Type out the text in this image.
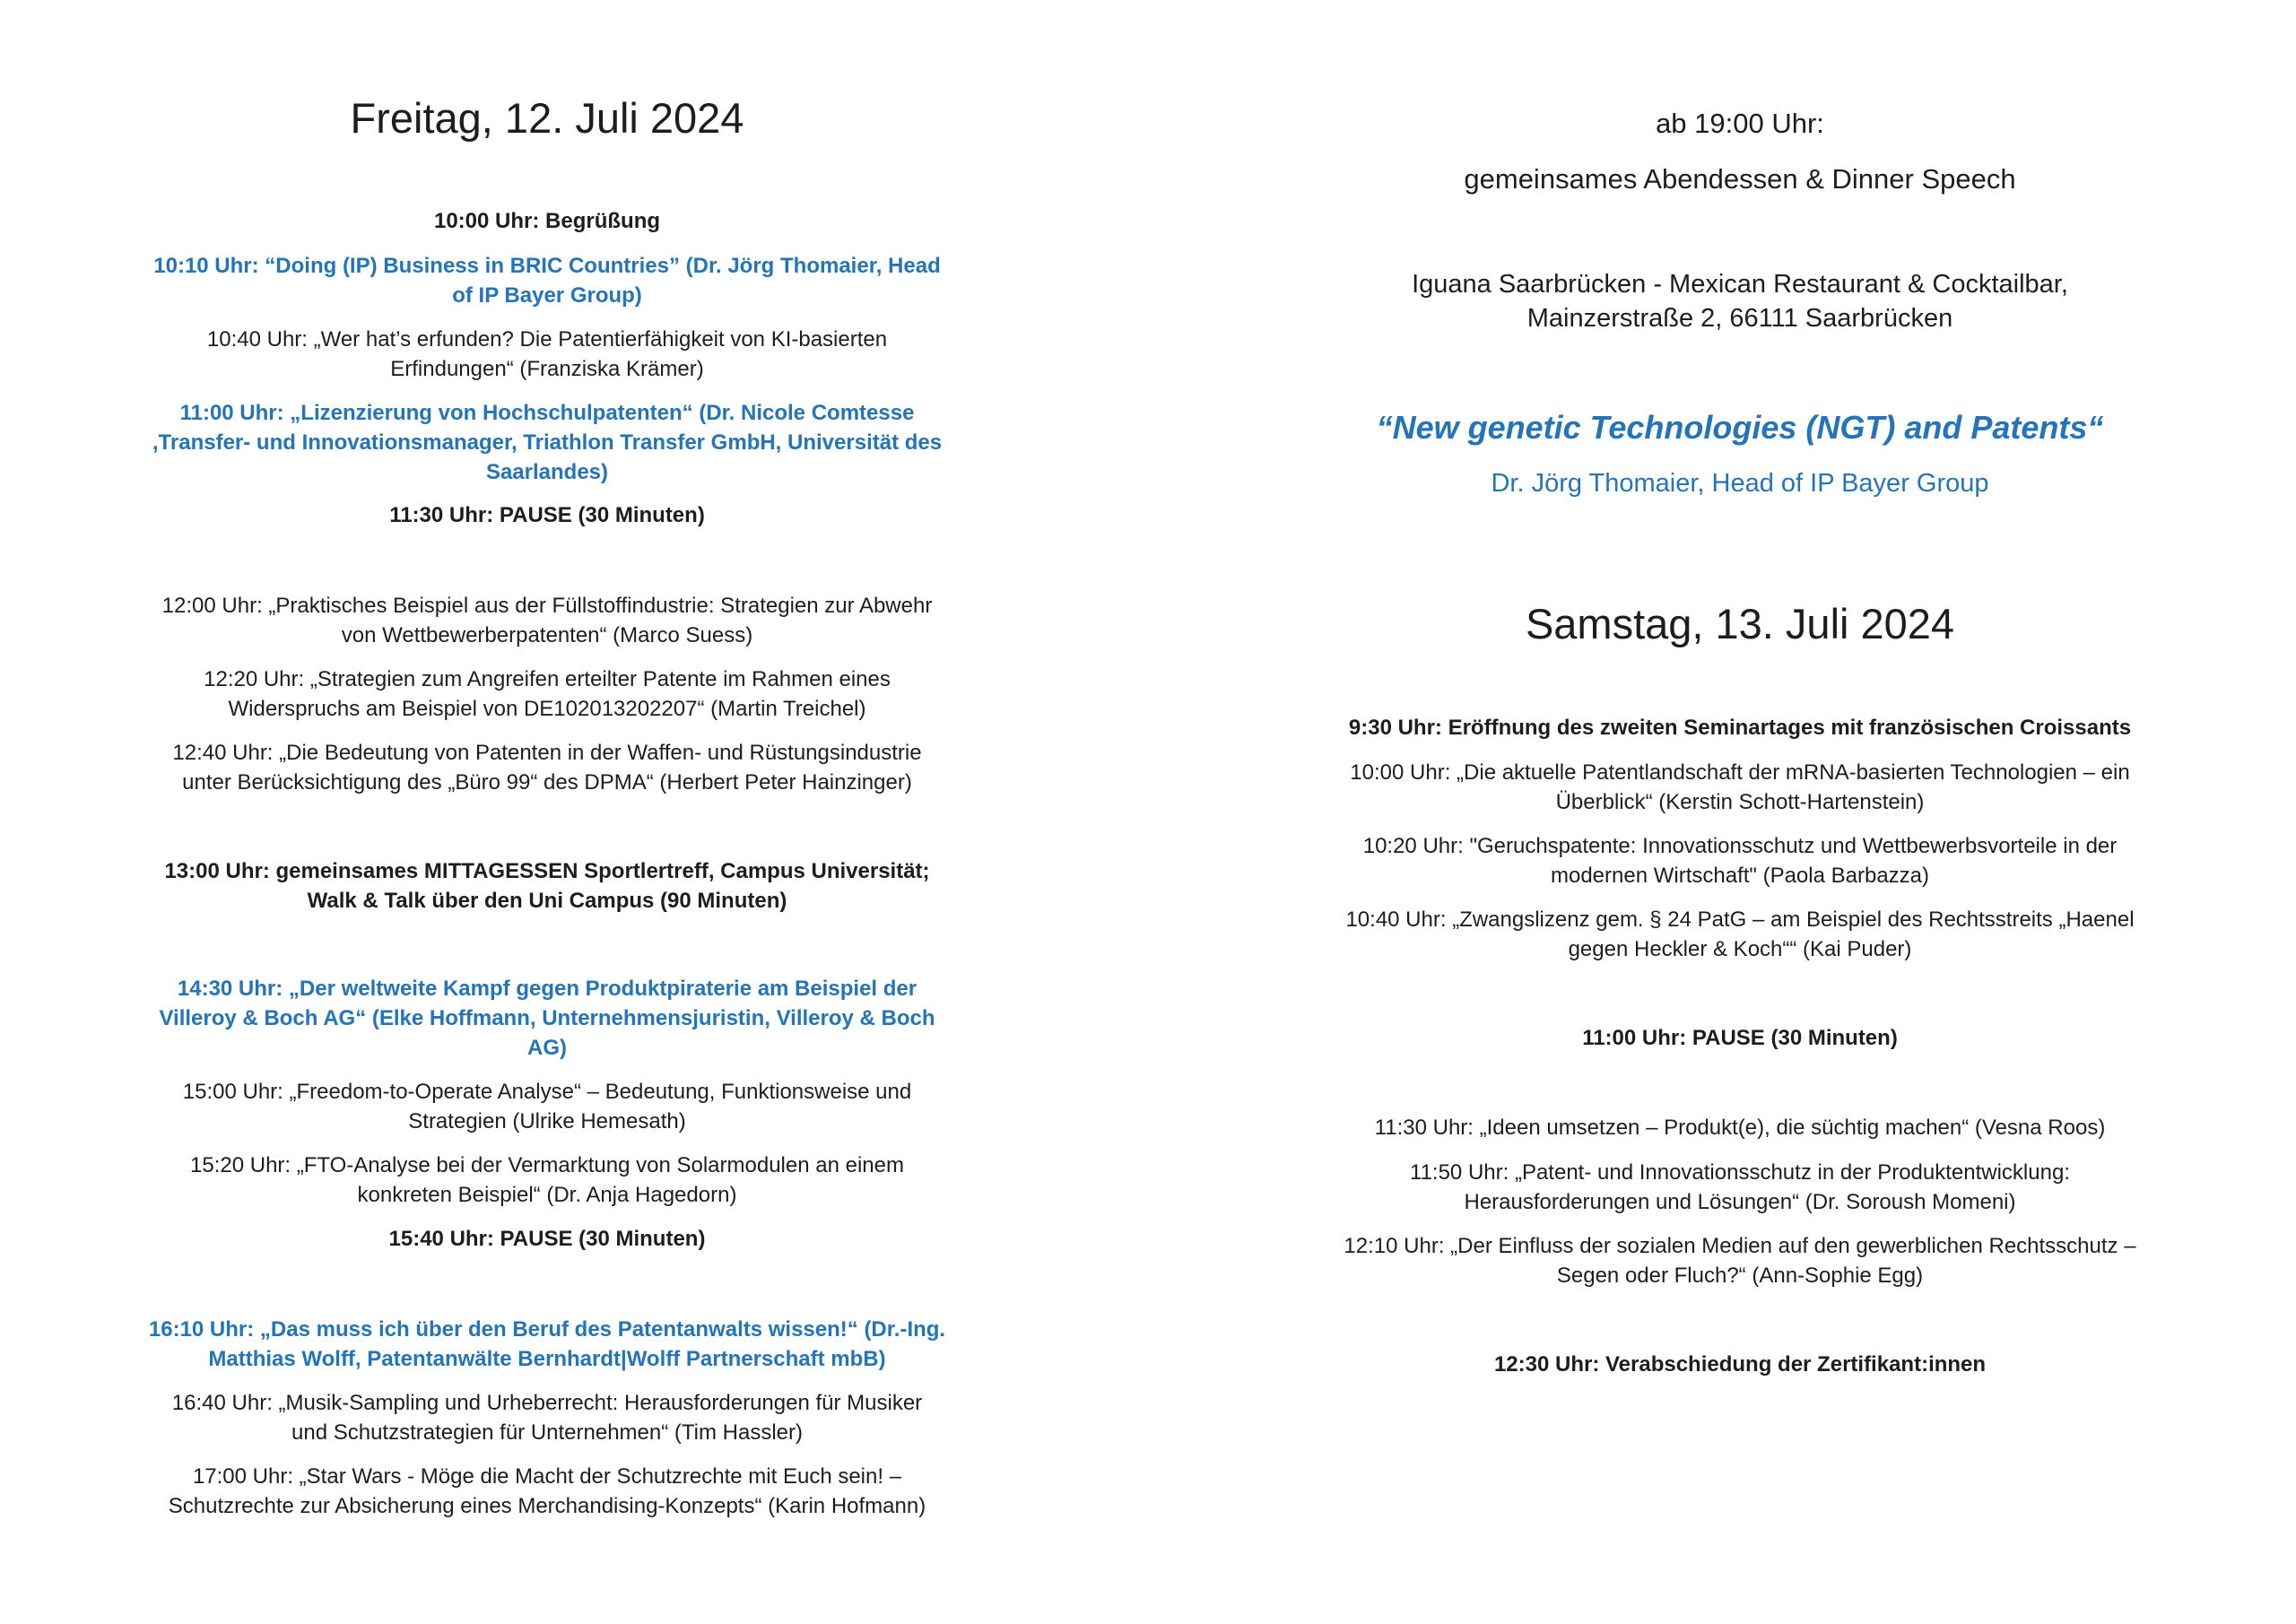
Freitag, 12. Juli 2024
10:00 Uhr: Begrüßung
10:10 Uhr: “Doing (IP) Business in BRIC Countries” (Dr. Jörg Thomaier, Head
of IP Bayer Group)
10:40 Uhr: „Wer hat’s erfunden? Die Patentierfähigkeit von KI-basierten
Erfindungen“ (Franziska Krämer)
11:00 Uhr: „Lizenzierung von Hochschulpatenten“ (Dr. Nicole Comtesse
,Transfer- und Innovationsmanager, Triathlon Transfer GmbH, Universität des
Saarlandes)
11:30 Uhr: PAUSE (30 Minuten)
12:00 Uhr: „Praktisches Beispiel aus der Füllstoffindustrie: Strategien zur Abwehr
von Wettbewerberpatenten“ (Marco Suess)
12:20 Uhr: „Strategien zum Angreifen erteilter Patente im Rahmen eines
Widerspruchs am Beispiel von DE102013202207“ (Martin Treichel)
12:40 Uhr: „Die Bedeutung von Patenten in der Waffen- und Rüstungsindustrie
unter Berücksichtigung des „Büro 99“ des DPMA“ (Herbert Peter Hainzinger)
13:00 Uhr: gemeinsames MITTAGESSEN Sportlertreff, Campus Universität;
Walk & Talk über den Uni Campus (90 Minuten)
14:30 Uhr: „Der weltweite Kampf gegen Produktpiraterie am Beispiel der
Villeroy & Boch AG“ (Elke Hoffmann, Unternehmensjuristin, Villeroy & Boch
AG)
15:00 Uhr: „Freedom-to-Operate Analyse“ – Bedeutung, Funktionsweise und
Strategien (Ulrike Hemesath)
15:20 Uhr: „FTO-Analyse bei der Vermarktung von Solarmodulen an einem
konkreten Beispiel“ (Dr. Anja Hagedorn)
15:40 Uhr: PAUSE (30 Minuten)
16:10 Uhr: „Das muss ich über den Beruf des Patentanwalts wissen!“ (Dr.-Ing.
Matthias Wolff, Patentanwälte Bernhardt|Wolff Partnerschaft mbB)
16:40 Uhr: „Musik-Sampling und Urheberrecht: Herausforderungen für Musiker
und Schutzstrategien für Unternehmen“ (Tim Hassler)
17:00 Uhr: „Star Wars - Möge die Macht der Schutzrechte mit Euch sein! –
Schutzrechte zur Absicherung eines Merchandising-Konzepts“ (Karin Hofmann)
ab 19:00 Uhr:
gemeinsames Abendessen & Dinner Speech
Iguana Saarbrücken - Mexican Restaurant & Cocktailbar,
Mainzerstraße 2, 66111 Saarbrücken
“New genetic Technologies (NGT) and Patents“
Dr. Jörg Thomaier, Head of IP Bayer Group
Samstag, 13. Juli 2024
9:30 Uhr: Eröffnung des zweiten Seminartages mit französischen Croissants
10:00 Uhr: „Die aktuelle Patentlandschaft der mRNA-basierten Technologien – ein
Überblick“ (Kerstin Schott-Hartenstein)
10:20 Uhr: "Geruchspatente: Innovationsschutz und Wettbewerbsvorteile in der
modernen Wirtschaft" (Paola Barbazza)
10:40 Uhr: „Zwangslizenz gem. § 24 PatG – am Beispiel des Rechtsstreits „Haenel
gegen Heckler & Koch““ (Kai Puder)
11:00 Uhr: PAUSE (30 Minuten)
11:30 Uhr: „Ideen umsetzen – Produkt(e), die süchtig machen“ (Vesna Roos)
11:50 Uhr: „Patent- und Innovationsschutz in der Produktentwicklung:
Herausforderungen und Lösungen“ (Dr. Soroush Momeni)
12:10 Uhr: „Der Einfluss der sozialen Medien auf den gewerblichen Rechtsschutz –
Segen oder Fluch?“ (Ann-Sophie Egg)
12:30 Uhr: Verabschiedung der Zertifikant:innen
